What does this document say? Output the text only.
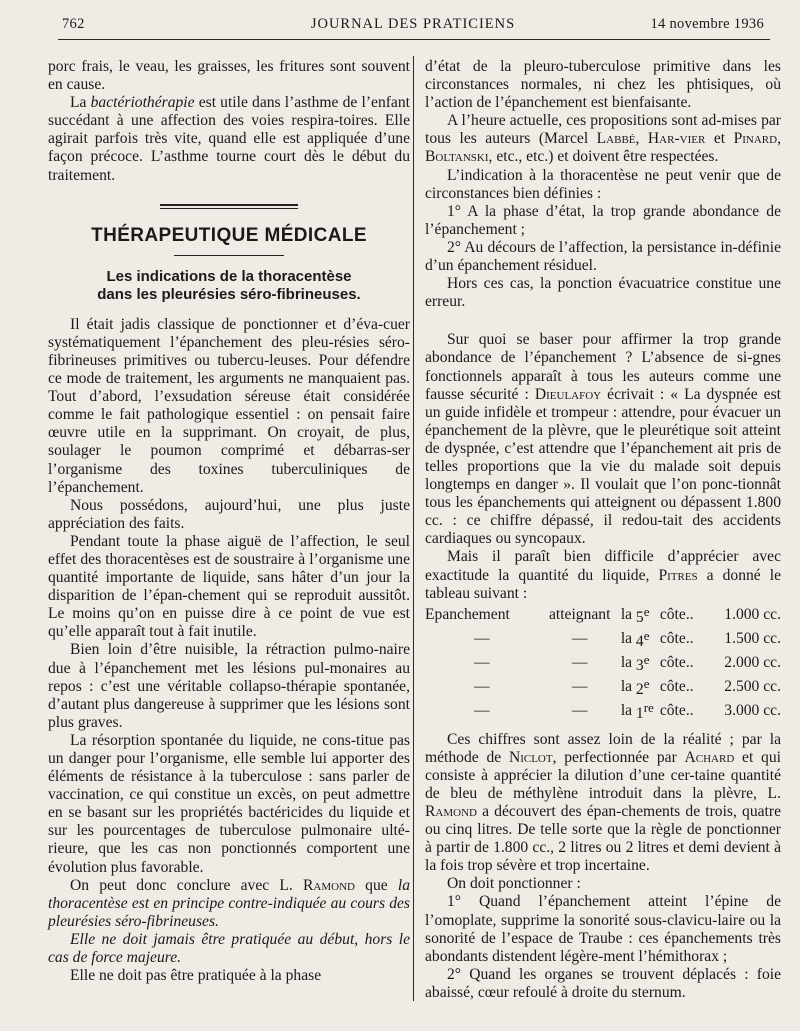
762	JOURNAL DES PRATICIENS	14 novembre 1936

porc frais, le veau, les graisses, les fritures sont souvent en cause.

La bactériothérapie est utile dans l’asthme de l’enfant succédant à une affection des voies respira-toires. Elle agirait parfois très vite, quand elle est appliquée d’une façon précoce. L’asthme tourne court dès le début du traitement.

THÉRAPEUTIQUE MÉDICALE
Les indications de la thoracentèse
dans les pleurésies séro-fibrineuses.

Il était jadis classique de ponctionner et d’éva-cuer systématiquement l’épanchement des pleu-résies séro-fibrineuses primitives ou tubercu-leuses. Pour défendre ce mode de traitement, les arguments ne manquaient pas. Tout d’abord, l’exsudation séreuse était considérée comme le fait pathologique essentiel : on pensait faire œuvre utile en la supprimant. On croyait, de plus, soulager le poumon comprimé et débarras-ser l’organisme des toxines tuberculiniques de l’épanchement.

Nous possédons, aujourd’hui, une plus juste appréciation des faits.

Pendant toute la phase aiguë de l’affection, le seul effet des thoracentèses est de soustraire à l’organisme une quantité importante de liquide, sans hâter d’un jour la disparition de l’épan-chement qui se reproduit aussitôt. Le moins qu’on en puisse dire à ce point de vue est qu’elle apparaît tout à fait inutile.

Bien loin d’être nuisible, la rétraction pulmo-naire due à l’épanchement met les lésions pul-monaires au repos : c’est une véritable collapso-thérapie spontanée, d’autant plus dangereuse à supprimer que les lésions sont plus graves.

La résorption spontanée du liquide, ne cons-titue pas un danger pour l’organisme, elle semble lui apporter des éléments de résistance à la tuberculose : sans parler de vaccination, ce qui constitue un excès, on peut admettre en se basant sur les propriétés bactéricides du liquide et sur les pourcentages de tuberculose pulmonaire ulté-rieure, que les cas non ponctionnés comportent une évolution plus favorable.

On peut donc conclure avec L. Ramond que la thoracentèse est en principe contre-indiquée au cours des pleurésies séro-fibrineuses.

Elle ne doit jamais être pratiquée au début, hors le cas de force majeure.

Elle ne doit pas être pratiquée à la phase

d’état de la pleuro-tuberculose primitive dans les circonstances normales, ni chez les phtisiques, où l’action de l’épanchement est bienfaisante.

A l’heure actuelle, ces propositions sont ad-mises par tous les auteurs (Marcel Labbé, Har-vier et Pinard, Boltanski, etc., etc.) et doivent être respectées.

L’indication à la thoracentèse ne peut venir que de circonstances bien définies :

1° A la phase d’état, la trop grande abondance de l’épanchement ;

2° Au décours de l’affection, la persistance in-définie d’un épanchement résiduel.

Hors ces cas, la ponction évacuatrice constitue une erreur.

Sur quoi se baser pour affirmer la trop grande abondance de l’épanchement ? L’absence de si-gnes fonctionnels apparaît à tous les auteurs comme une fausse sécurité : Dieulafoy écrivait : « La dyspnée est un guide infidèle et trompeur : attendre, pour évacuer un épanchement de la plèvre, que le pleurétique soit atteint de dyspnée, c’est attendre que l’épanchement ait pris de telles proportions que la vie du malade soit depuis longtemps en danger ». Il voulait que l’on ponc-tionnât tous les épanchements qui atteignent ou dépassent 1.800 cc. : ce chiffre dépassé, il redou-tait des accidents cardiaques ou syncopaux.

Mais il paraît bien difficile d’apprécier avec exactitude la quantité du liquide, Pitres a donné le tableau suivant :

Epanchement	atteignant	la	5e	côte..	1.000 cc.
—	—	la	4e	côte..	1.500 cc.
—	—	la	3e	côte..	2.000 cc.
—	—	la	2e	côte..	2.500 cc.
—	—	la	1re	côte..	3.000 cc.

Ces chiffres sont assez loin de la réalité ; par la méthode de Niclot, perfectionnée par Achard et qui consiste à apprécier la dilution d’une cer-taine quantité de bleu de méthylène introduit dans la plèvre, L. Ramond a découvert des épan-chements de trois, quatre ou cinq litres. De telle sorte que la règle de ponctionner à partir de 1.800 cc., 2 litres ou 2 litres et demi devient à la fois trop sévère et trop incertaine.

On doit ponctionner :

1° Quand l’épanchement atteint l’épine de l’omoplate, supprime la sonorité sous-clavicu-laire ou la sonorité de l’espace de Traube : ces épanchements très abondants distendent légère-ment l’hémithorax ;

2° Quand les organes se trouvent déplacés : foie abaissé, cœur refoulé à droite du sternum.
